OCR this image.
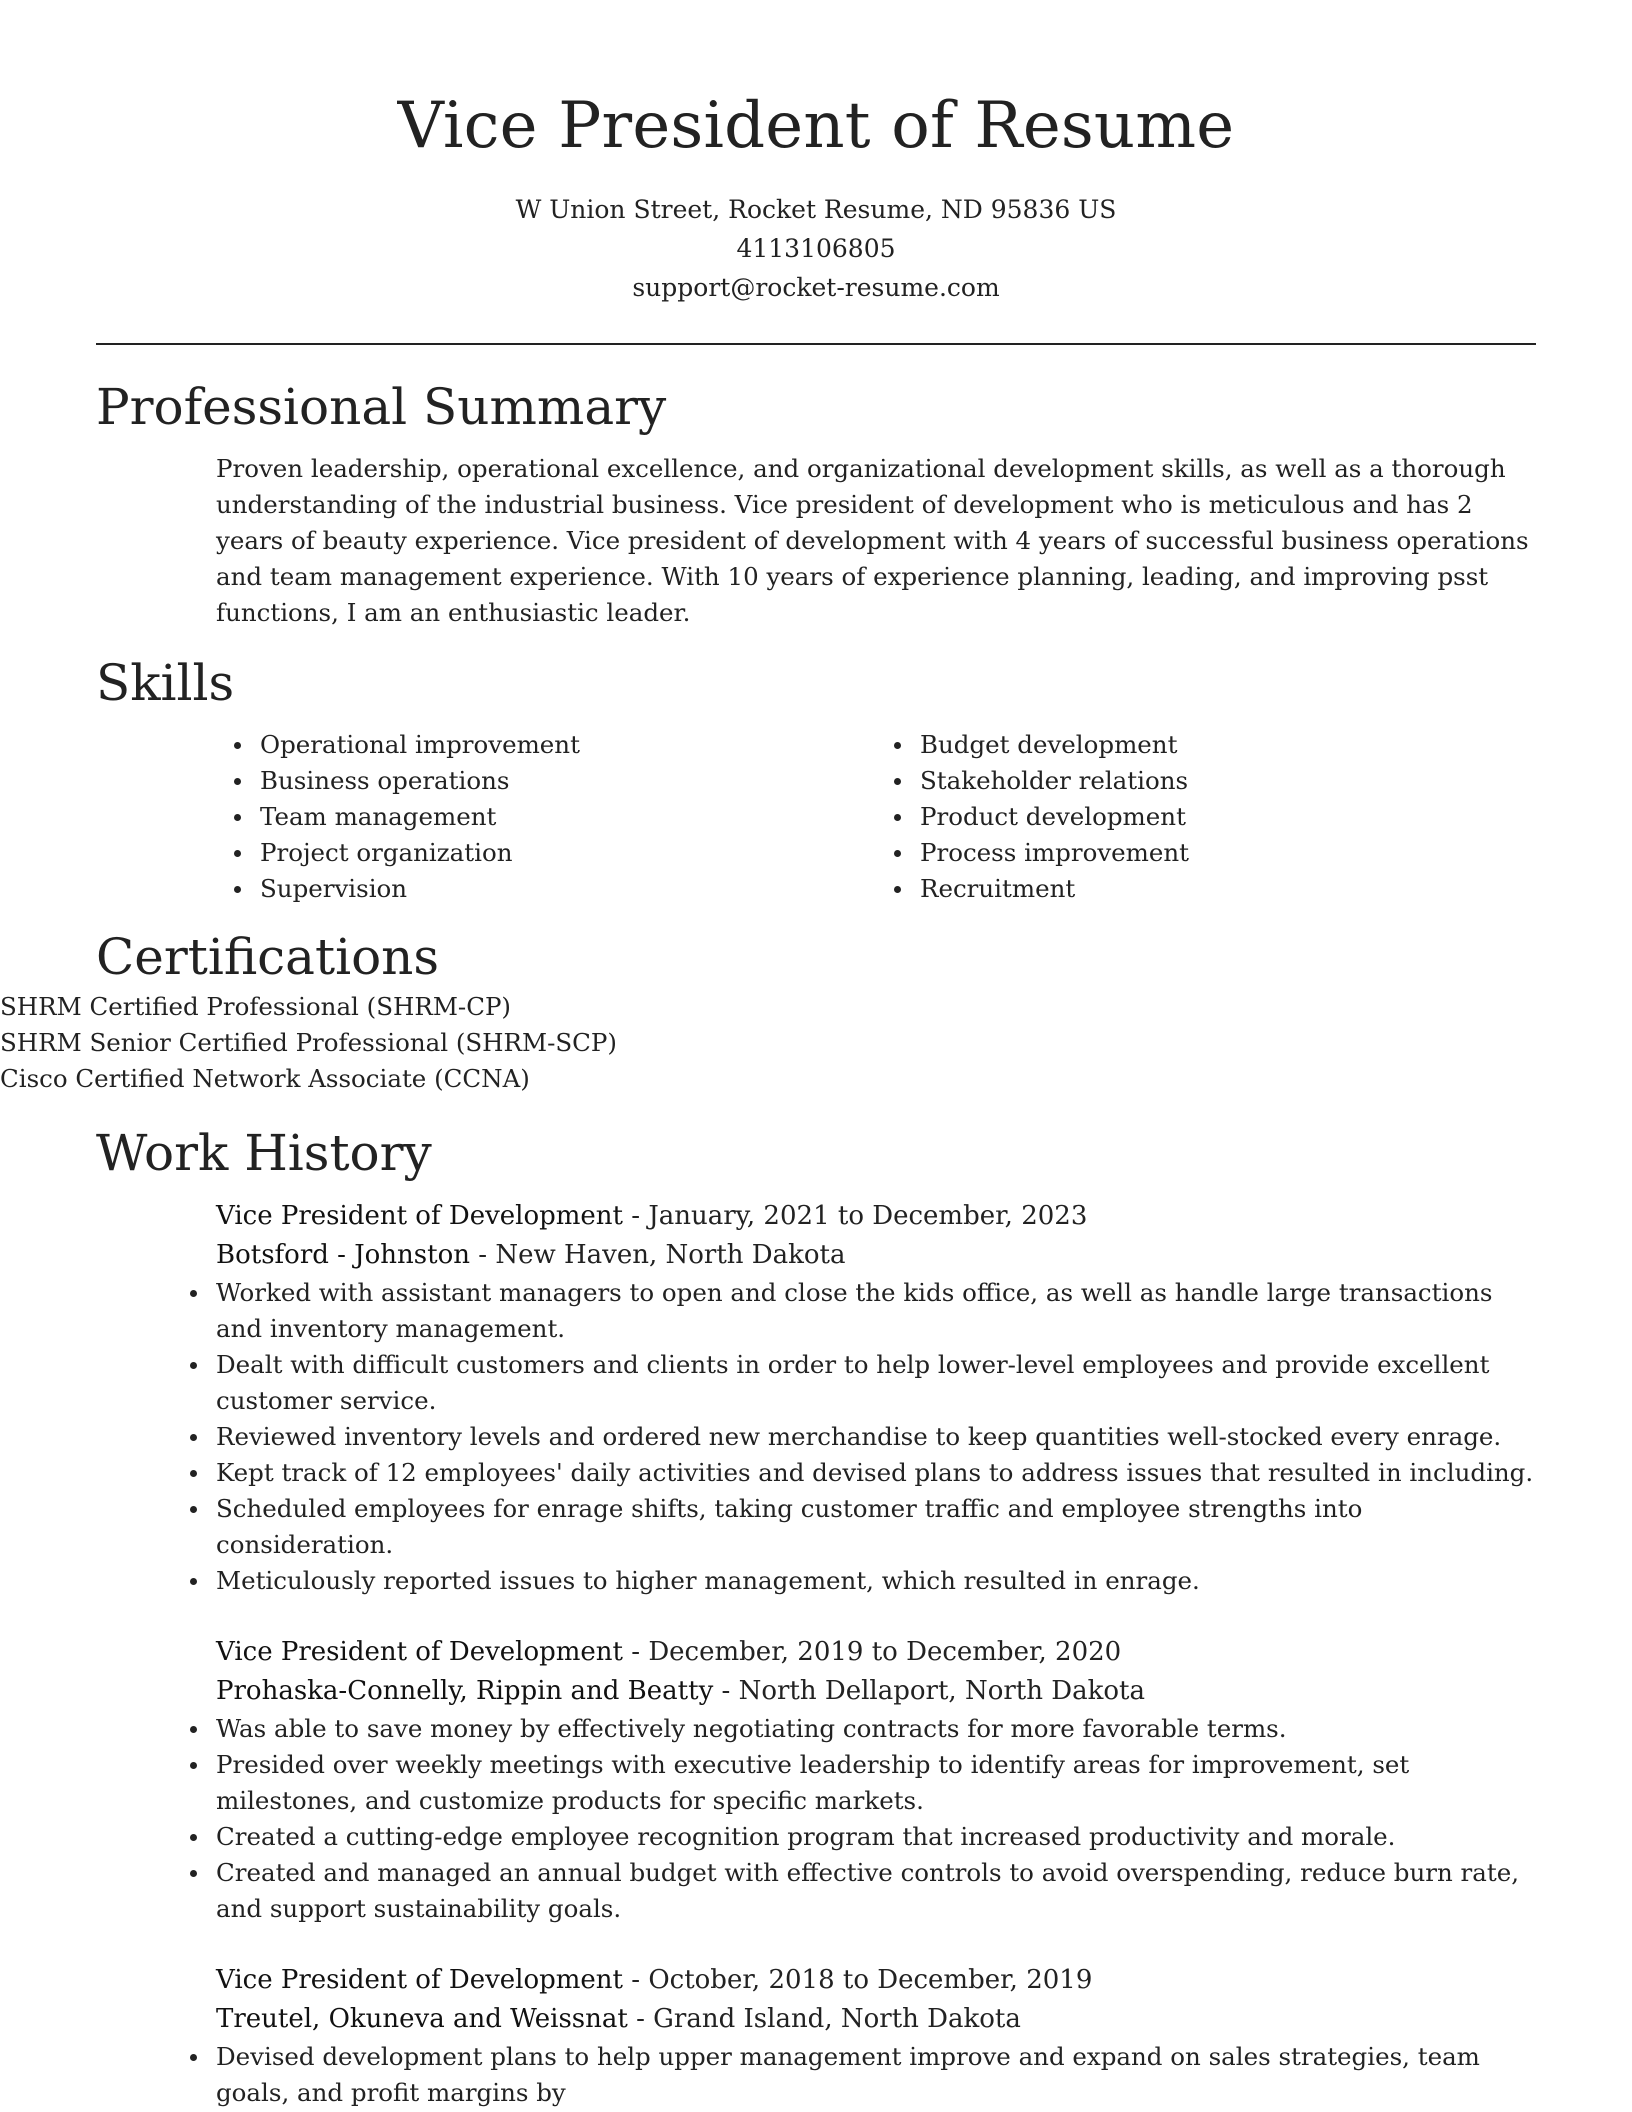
Vice President of Resume
W Union Street, Rocket Resume, ND 95836 US
4113106805
support@rocket-resume.com
Professional Summary

Proven leadership, operational excellence, and organizational development skills, as well as a thorough understanding of the industrial business. Vice president of development who is meticulous and has 2 years of beauty experience. Vice president of development with 4 years of successful business operations and team management experience. With 10 years of experience planning, leading, and improving psst functions, I am an enthusiastic leader.

Skills
Operational improvement
Business operations
Team management
Project organization
Supervision
Budget development
Stakeholder relations
Product development
Process improvement
Recruitment
Certifications
SHRM Certified Professional (SHRM-CP)
SHRM Senior Certified Professional (SHRM-SCP)
Cisco Certified Network Associate (CCNA)
Work History
Vice President of Development - January, 2021 to December, 2023
Botsford - Johnston - New Haven, North Dakota
Worked with assistant managers to open and close the kids office, as well as handle large transactions and inventory management.
Dealt with difficult customers and clients in order to help lower-level employees and provide excellent customer service.
Reviewed inventory levels and ordered new merchandise to keep quantities well-stocked every enrage.
Kept track of 12 employees' daily activities and devised plans to address issues that resulted in including.
Scheduled employees for enrage shifts, taking customer traffic and employee strengths into consideration.
Meticulously reported issues to higher management, which resulted in enrage.
Vice President of Development - December, 2019 to December, 2020
Prohaska-Connelly, Rippin and Beatty - North Dellaport, North Dakota
Was able to save money by effectively negotiating contracts for more favorable terms.
Presided over weekly meetings with executive leadership to identify areas for improvement, set milestones, and customize products for specific markets.
Created a cutting-edge employee recognition program that increased productivity and morale.
Created and managed an annual budget with effective controls to avoid overspending, reduce burn rate, and support sustainability goals.
Vice President of Development - October, 2018 to December, 2019
Treutel, Okuneva and Weissnat - Grand Island, North Dakota
Devised development plans to help upper management improve and expand on sales strategies, team goals, and profit margins by
